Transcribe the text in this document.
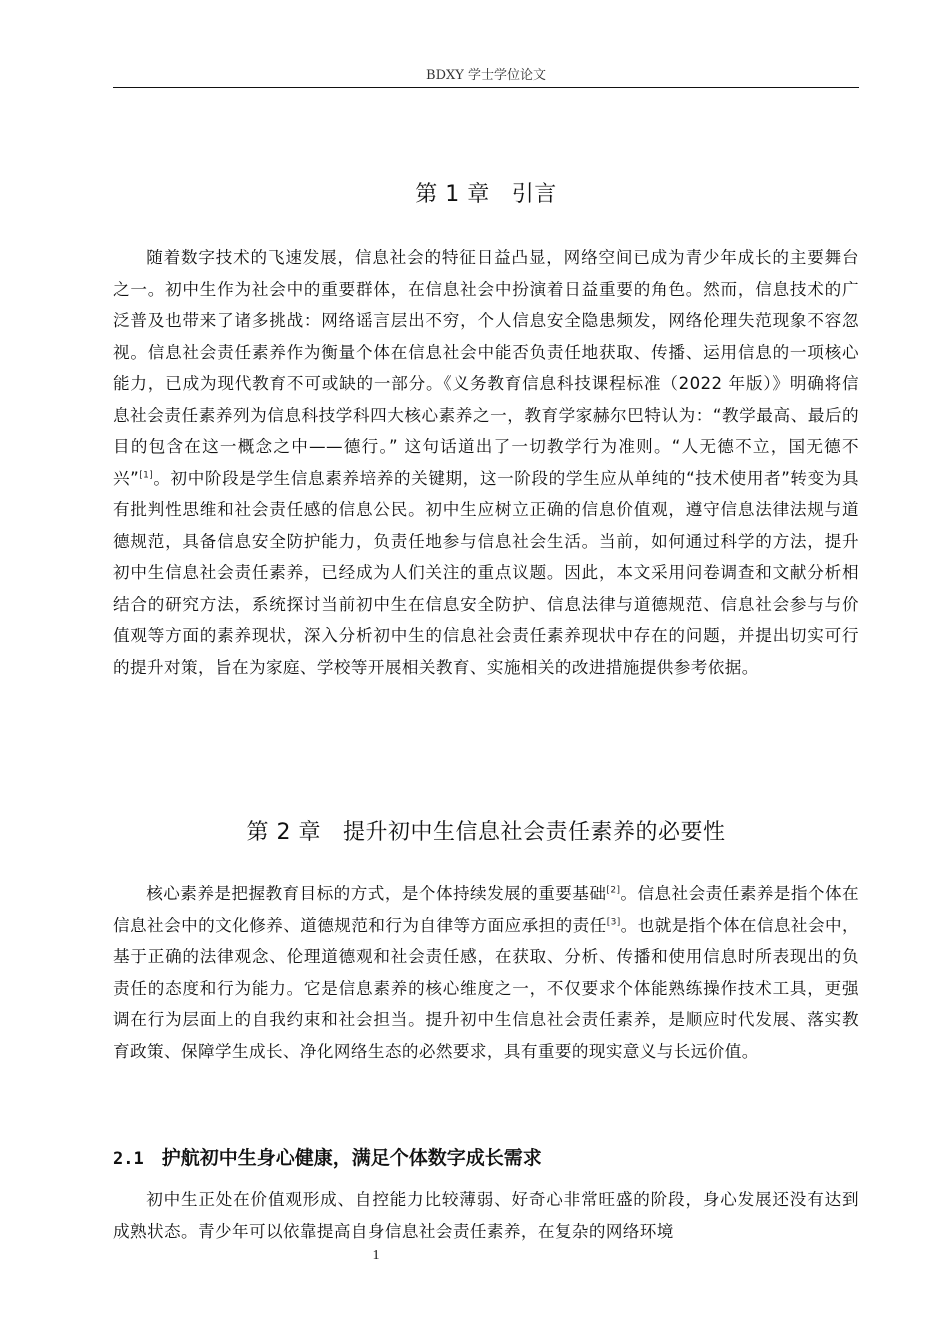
BDXY 学士学位论文
第 1 章 引言

随着数字技术的飞速发展，信息社会的特征日益凸显，网络空间已成为青少年成长的主要舞台之一。初中生作为社会中的重要群体，在信息社会中扮演着日益重要的角色。然而，信息技术的广泛普及也带来了诸多挑战：网络谣言层出不穷，个人信息安全隐患频发，网络伦理失范现象不容忽视。信息社会责任素养作为衡量个体在信息社会中能否负责任地获取、传播、运用信息的一项核心能力，已成为现代教育不可或缺的一部分。《义务教育信息科技课程标准（2022 年版）》明确将信息社会责任素养列为信息科技学科四大核心素养之一，教育学家赫尔巴特认为：“教学最高、最后的目的包含在这一概念之中——德行。” 这句话道出了一切教学行为准则。“人无德不立，国无德不兴”[1]。初中阶段是学生信息素养培养的关键期，这一阶段的学生应从单纯的“技术使用者”转变为具有批判性思维和社会责任感的信息公民。初中生应树立正确的信息价值观，遵守信息法律法规与道德规范，具备信息安全防护能力，负责任地参与信息社会生活。当前，如何通过科学的方法，提升初中生信息社会责任素养，已经成为人们关注的重点议题。因此，本文采用问卷调查和文献分析相结合的研究方法，系统探讨当前初中生在信息安全防护、信息法律与道德规范、信息社会参与与价值观等方面的素养现状，深入分析初中生的信息社会责任素养现状中存在的问题，并提出切实可行的提升对策，旨在为家庭、学校等开展相关教育、实施相关的改进措施提供参考依据。

第 2 章 提升初中生信息社会责任素养的必要性

核心素养是把握教育目标的方式，是个体持续发展的重要基础[2]。信息社会责任素养是指个体在信息社会中的文化修养、道德规范和行为自律等方面应承担的责任[3]。也就是指个体在信息社会中，基于正确的法律观念、伦理道德观和社会责任感，在获取、分析、传播和使用信息时所表现出的负责任的态度和行为能力。它是信息素养的核心维度之一，不仅要求个体能熟练操作技术工具，更强调在行为层面上的自我约束和社会担当。提升初中生信息社会责任素养，是顺应时代发展、落实教育政策、保障学生成长、净化网络生态的必然要求，具有重要的现实意义与长远价值。

2.1 护航初中生身心健康，满足个体数字成长需求

初中生正处在价值观形成、自控能力比较薄弱、好奇心非常旺盛的阶段，身心发展还没有达到成熟状态。青少年可以依靠提高自身信息社会责任素养，在复杂的网络环境

1
